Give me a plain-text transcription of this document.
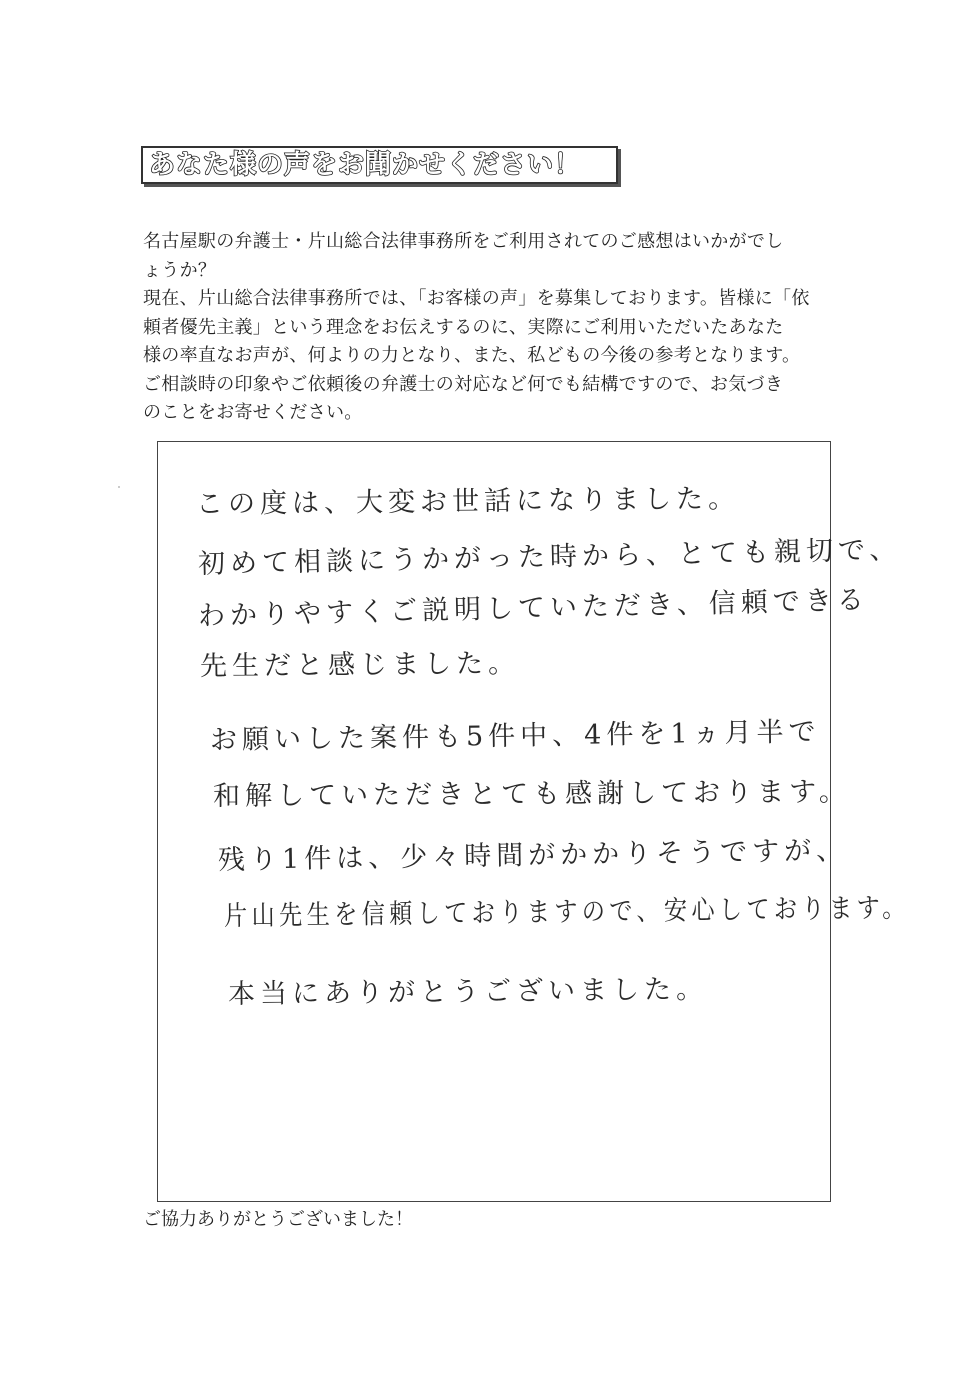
あなた様の声をお聞かせください！
名古屋駅の弁護士・片山総合法律事務所をご利用されてのご感想はいかがでし
ょうか？
現在、片山総合法律事務所では、「お客様の声」を募集しております。皆様に「依
頼者優先主義」という理念をお伝えするのに、実際にご利用いただいたあなた
様の率直なお声が、何よりの力となり、また、私どもの今後の参考となります。
ご相談時の印象やご依頼後の弁護士の対応など何でも結構ですので、お気づき
のことをお寄せください。
この度は、大変お世話になりました。
初めて相談にうかがった時から、とても親切で、
わかりやすくご説明していただき、信頼できる
先生だと感じました。
お願いした案件も5件中、4件を1ヵ月半で
和解していただきとても感謝しております。
残り1件は、少々時間がかかりそうですが、
片山先生を信頼しておりますので、安心しております。
本当にありがとうございました。
ご協力ありがとうございました！
